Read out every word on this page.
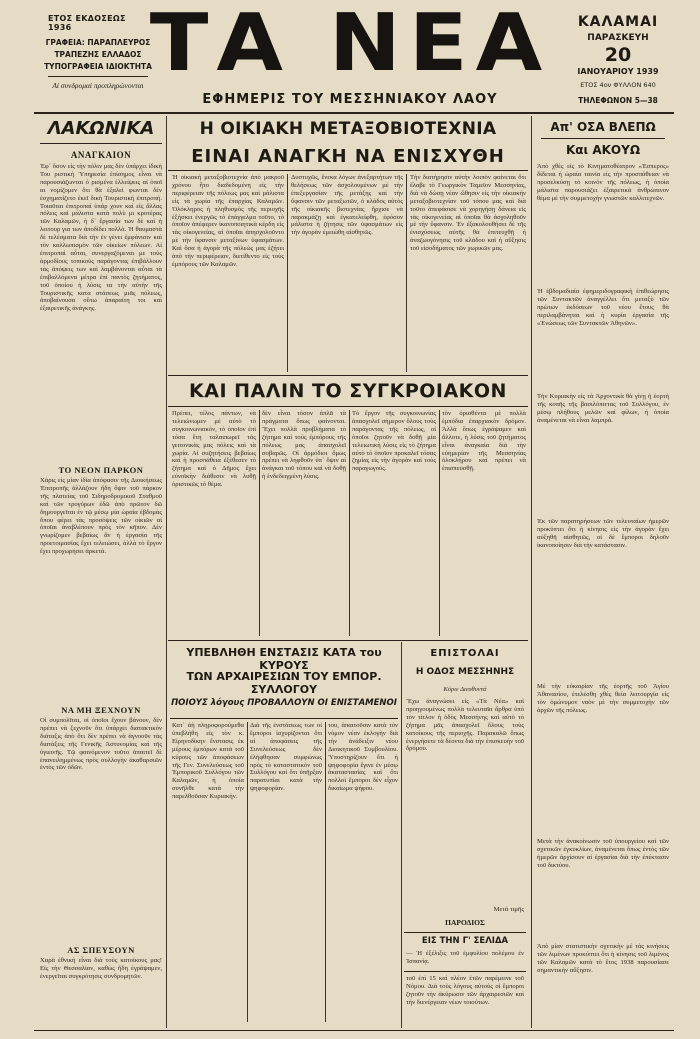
ΕΤΟΣ ΕΚΔΟΣΕΩΣ 1936
ΓΡΑΦΕΙΑ: ΠΑΡΑΠΛΕΥΡΟΣ
ΤΡΑΠΕΖΗΣ ΕΛΛΑΔΟΣ
ΤΥΠΟΓΡΑΦΕΙΑ ΙΔΙΟΚΤΗΤΑ
Αἱ συνδρομαὶ προπληρώνονται ΤΑ ΝΕΑ
ΕΦΗΜΕΡΙΣ ΤΟΥ ΜΕΣΣΗΝΙΑΚΟΥ ΛΑΟΥ
ΚΑΛΑΜΑΙ
ΠΑΡΑΣΚΕΥΗ
20
ΙΑΝΟΥΑΡΙΟΥ 1939
ΕΤΟΣ 4ον ΦΥΛΛΟΝ 640
ΤΗΛΕΦΩΝΟΝ 5—38
ΛΑΚΩΝΙΚΑ
ΑΝΑΓΚΑΙΟΝ
Ἐφ᾿ ὅσον εἰς τὴν πόλιν μας δὲν ὑπάρχει ἰδικὴ Του ριστικὴ Ὑπηρεσία ἐπίσημος εἶναι νὰ παρουσιάζωνται ὁ ρισμένα ἐλλείψεις αἱ ὁποῖ αι νομίζομεν ὅτι θὰ ἐξαλεί φωνται δὲν ἐσχηματίζετο ἐκεῖ δικὴ Τουριστικὴ ἐπιτροπή. Τοιαῦται ἐπιτροπαὶ ὑπάρ χουν καὶ εἰς ἄλλας πόλεις καὶ μάλιστα κατὰ πολὺ μι κροτέρας τῶν Καλαμῶν, ἡ δ᾿ ἔργασία των δὲ καὶ ἡ λειτουρ για των ἀποδίδει πολλὰ. Ἡ θαυμαστὰ δὲ τελέσματα διὰ τὴν ἐν γένει ἐμφάνισιν καὶ τὸν καλλωπισμὸν τῶν οἰκείων πόλεων. Αἱ ἐπιτροπαὶ αὗται, συνεργαζόμεναι με τοὺς ἁρμοδίους τοπικοὺς παράγοντας ἐπιβάλλουν τὰς ἀπόψεις των καὶ λαμβάνονται αὗται τὰ ἐπιβαλλόμενα μέτρα ἐπὶ παντὸς ζητήματος, τοῦ ὁποίου ἡ λύσις τα τὴν αὐτὴν τῆς Τουριστικῆς κατα στάσεως μιᾶς πόλεως, ἀποβαίνουσα οὕτω ἀπαραίτη τοι καὶ ἐξαιρετικῆς ἀνάγκης.
ΤΟ ΝΕΟΝ ΠΑΡΚΟΝ
Χάρις εἰς μίαν ἰδία ἀπόφασιν τῆς Διοικήσεως Ἐπιτροπῆς ἀλλάζουν ἤδη ὄψιν τοῦ πάρκον τῆς πλατείας τοῦ Σιδηροδρομικοῦ Σταθμοῦ καὶ τῶν τρογύρων ἐδῶ ἀπὸ πρῶτον δῶ δημουργεῖται ἐν τῷ μέσῳ μία ὡραία ἑβδομάς ὅπου φέρει τὰς προσόψεις τῶν οἰκιῶν αἱ ὁποῖαι ἀναβλέπουν πρὸς τὸν κῆπον. Δὲν γνωρίζομεν βεβαίως ἂν ἡ ἐργασία τῆς προετοιμασίας ἔχει τελειώσει, ἀλλὰ τὸ ἔργον ἔχει προχωρήσει ἀρκετὰ.
ΝΑ ΜΗ ΞΕΧΝΟΥΝ
Οἱ συμπολῖται, οἱ ὁποῖοι ἔχουν βάνουν, δὲν πρέπει νὰ ξεχνοῦν ὅτι ὑπάρχει διατακτικὸν διάταξις ἀπὸ ὅτι δὲν πρέπει νὰ ἀγνοοῦν τὰς διατάξεις τῆς Γενικῆς Ἀστυνομίας καὶ τῆς ὑγιεινῆς. Τῷ φαινόμενον τοῦτο ἀπαιτεῖ δὲ ἐπανειλημμένως πρὸς συλλογὴν ἀκαθαρσιῶν ἐντὸς τῶν ὁδῶν.
ΑΣ ΣΠΕΥΣΟΥΝ
Χαρὰ ἐθνικὴ εἶναι διὰ τοὺς κατοίκους μας! Εἰς τὴν Θεσσαλίαν, καθὼς ἤδη ἐγράψαμεν, ἐνεργεῖται συγκρότησις συνδρομητῶν.
Η ΟΙΚΙΑΚΗ ΜΕΤΑΞΟΒΙΟΤΕΧΝΙΑ
ΕΙΝΑΙ ΑΝΑΓΚΗ ΝΑ ΕΝΙΣΧΥΘΗ
Ἡ οἰκιακὴ μεταξοβιοτεχνία ἀπὸ μακροῦ χρόνου ἦτο διαδεδομένη εἰς τὴν περιφέρειαν τῆς πόλεως μας καὶ μάλιστα εἰς τὰ χωρία τῆς ἐπαρχίας Καλαμῶν. Ὁλόκληρος ἡ πληθυσμὸς τῆς περιοχῆς ἐξήσκει ἐνεργῶς τὸ ἐπάγγελμα τοῦτο, τὸ ὁποῖον ἀπέφερεν ἱκανοποιητικὰ κέρδη εἰς τὰς οἰκογενείας, αἱ ὁποῖαι ἀπησχολοῦντο μὲ τὴν ὕφανσιν μεταξίνων ὑφασμάτων. Καὶ ὅσα ἡ ἀγορὰ τῆς πόλεώς μας ἐζήτει ἀπὸ τὴν περιφέρειαν, διετίθεντο εἰς τοὺς ἐμπόρους τῶν Καλαμῶν.
Δυστυχῶς, ἕνεκα λόγων ἀνεξαρτήτων τῆς θελήσεως τῶν ἀσχολουμένων μὲ τὴν ἐπεξεργασίαν τῆς μετάξης καὶ τὴν ὕφανσιν τῶν μεταξωτῶν, ὁ κλάδος αὐτὸς τῆς οἰκιακῆς βιοτεχνίας ἤρχισε νὰ παρακμάζῃ καὶ ἐγκατελείφθη, ἐφόσον μάλιστα ἡ ζήτησις τῶν ὑφασμάτων εἰς τὴν ἀγορὰν ἐμειώθη αἰσθητῶς.
Τὴν διατήρησιν αὐτὴν λοιπὸν φαίνεται ὅτι ἔλαβε τὸ Γεωργικὸν Ταμεῖον Μεσσηνίας, διὰ νὰ δώσῃ νέαν ὤθησιν εἰς τὴν οἰκιακὴν μεταξοβιοτεχνίαν τοῦ τόπου μας καὶ διὰ τοῦτο ἀπεφάσισε νὰ χορηγήσῃ δάνεια εἰς τὰς οἰκογενείας αἱ ὁποῖαι θὰ ἀσχοληθοῦν μὲ τὴν ὕφανσιν. Ἐν ἐξακολουθήσει δὲ τῆς ἐνισχύσεως αὐτῆς θὰ ἐπιτευχθῇ ἡ ἀναζωογόνησις τοῦ κλάδου καὶ ἡ αὔξησις τοῦ εἰσοδήματος τῶν χωρικῶν μας.
Απ' ΟΣΑ ΒΛΕΠΩ
Και ΑΚΟΥΩ
Ἀπὸ χθὲς εἰς τὸ Κινηματοθέατρον «Ἑσπερος» δίδεται ἡ ὡραία ταινία εἰς τὴν προσπάθειαν νὰ προσελκύσῃ τὸ κοινόν τῆς πόλεως, ἡ ὁποία μάλιστα παρουσιάζει ἐξαιρετικὰ ἀνθρώπινον θέμα μὲ τὴν συμμετοχὴν γνωστῶν καλλιτεχνῶν.
Ἡ ἑβδομαδιαία ἐφημεριδογραφικὴ ἐπιθεώρησις τῶν Συντακτῶν ἀναγγέλλει ὅτι μεταξὺ τῶν πρώτων ἐκδόσεων τοῦ νέου ἔτους θὰ περιλαμβάνηται καὶ ἡ κυρία ἐργασία τῆς «Ἑνώσεως τῶν Συντακτῶν Ἀθηνῶν».
Τὴν Κυριακὴν εἰς τὰ Ἀρχοντικὰ θὰ γίνῃ ἡ ἑορτὴ τῆς κοπῆς τῆς βασιλόπιττας τοῦ Συλλόγου, ἐν μέσῳ πλήθους μελῶν καὶ φίλων, ἡ ὁποία ἀναμένεται νὰ εἶναι λαμπρά.
Ἐκ τῶν παρατηρήσεων τῶν τελευταίων ἡμερῶν προκύπτει ὅτι ἡ κίνησις εἰς τὴν ἀγορὰν ἔχει αὐξηθῆ αἰσθητῶς, οἱ δὲ ἔμποροι δηλοῦν ἱκανοποίησιν διὰ τὴν κατάστασιν.
Μὲ τὴν εὐκαιρίαν τῆς ἑορτῆς τοῦ Ἁγίου Ἀθανασίου, ἐτελέσθη χθὲς θεία λειτουργία εἰς τὸν ὁμώνυμον ναὸν μὲ τὴν συμμετοχὴν τῶν ἀρχῶν τῆς πόλεως.
Μετὰ τὴν ἀνακοίνωσιν τοῦ ὑπουργείου καὶ τῶν σχετικῶν ἐγκυκλίων, ἀναμένεται ὅπως ἐντὸς τῶν ἡμερῶν ἀρχίσουν αἱ ἐργασίαι διὰ τὴν ἐπέκτασιν τοῦ δικτύου.
Ἀπὸ μίαν στατιστικὴν σχετικὴν μὲ τὰς κινήσεις τῶν λιμένων προκύπτει ὅτι ἡ κίνησις τοῦ λιμένος τῶν Καλαμῶν κατὰ τὸ ἔτος 1938 παρουσίασε σημαντικὴν αὔξησιν.
ΚΑΙ ΠΑΛΙΝ ΤΟ ΣΥΓΚΡΟΙΑΚΟΝ
Πρέπει, τέλος πάντων, νὰ τελειώνωμεν μὲ αὐτὸ τὸ συγκοινωνιακὸν, τὸ ὁποῖον ἐπὶ τόσα ἔτη ταλαιπωρεῖ τὰς γειτονικὰς μας πόλεις καὶ τὰ χωρία. Αἱ συζητήσεις βεβαίως καὶ ἡ προσπάθεια ἐξέθεσεν τὸ ζήτημα καὶ ὁ Δῆμος ἔχει εὐνοϊκὴν διάθεσιν νὰ λυθῇ ὁριστικῶς τὸ θέμα.
δὲν εἶναι τόσον ἀπλᾶ τὰ πράγματα ὅπως φαίνονται. Ἔχει πολλὰ προβλήματα τὸ ζήτημα καὶ τοὺς ἐμπόρους τῆς πόλεως μας ἀπασχολεῖ σοβαρῶς. Οἱ ἁρμόδιοι ὅμως πρέπει νὰ ληφθοῦν ὑπ᾿ ὄψιν αἱ ἀνάγκαι τοῦ τόπου καὶ νὰ δοθῇ ἡ ἐνδεδειγμένη λύσις.
Τὸ ἔργον τῆς συγκοινωνίας ἀπασχολεῖ σήμερον ὅλους τοὺς παράγοντας τῆς πόλεως, οἱ ὁποῖοι ζητοῦν νὰ δοθῇ μία τελειωτικὴ λύσις εἰς τὸ ζήτημα αὐτὸ τὸ ὁποῖον προκαλεῖ τόσας ζημίας εἰς τὴν ἀγορὰν καὶ τοὺς παραγωγούς.
τὸν ὀρισθέντα μὲ πολλὰ ἐμπόδια ἐπαρχιακὸν δρόμον. Ἀλλὰ ὅπως ἐγράψαμεν καὶ ἄλλοτε, ἡ λύσις τοῦ ζητήματος εἶναι ἀναγκαία διὰ τὴν εὐημερίαν τῆς Μεσσηνίας ὁλοκλήρου καὶ πρέπει νὰ ἐπισπευσθῇ.
ΥΠΕΒΛΗΘΗ ΕΝΣΤΑΣΙΣ ΚΑΤΑ του ΚΥΡΟΥΣ
ΤΩΝ ΑΡΧΑΙΡΕΣΙΩΝ ΤΟΥ ΕΜΠΟΡ. ΣΥΛΛΟΓΟΥ
ΠΟΙΟΥΣ λόγους ΠΡΟΒΑΛΛΟΥΝ ΟΙ ΕΝΙΣΤΑΜΕΝΟΙ
Κατ᾿ ἀὴ πληροφορούμεθα ὑπεβλήθη εἰς τὸν κ. Εἰρηνοδίκην ἔνστασις ἐκ μέρους ἐμπόρων κατὰ τοῦ κύρους τῶν ἀποφάσεων τῆς Γεν. Συνελεύσεως τοῦ Ἐμπορικοῦ Συλλόγου τῶν Καλαμῶν, ἡ ὁποία συνῆλθε κατὰ τὴν παρελθοῦσαν Κυριακήν.
Διὰ τῆς ἐνστάσεως των οἱ ἔμποροι ἰσχυρίζονται ὅτι αἱ ἀποφάσεις τῆς Συνελεύσεως δὲν ἐλήφθησαν συμφώνως πρὸς τὸ καταστατικὸν τοῦ Συλλόγου καὶ ὅτι ὑπῆρξαν παρατυπίαι κατὰ τὴν ψηφοφορίαν.
του, ἀπαιτοῦσιν κατὰ τὸν νόμον νέαν ἐκλογὴν διὰ τὴν ἀνάδειξιν νέου Διοικητικοῦ Συμβουλίου. Ὑποστηρίζουν ὅτι ἡ ψηφοφορία ἔγινε ἐν μέσῳ ἀκαταστασίας καὶ ὅτι πολλοὶ ἔμποροι δὲν εἶχον δικαίωμα ψήφου.
ΕΠΙΣΤΟΛΑΙ
Η ΟΔΟΣ ΜΕΣΣΗΝΗΣ
Κύριε Διευθυντά
Ἔχω ἀναγνώσει εἰς «Τὰ Νέα» καὶ προηγουμένως πολλὰ τελευταῖα ἄρθρα ὑπὸ τὸν τίτλον ἡ ὁδὸς Μεσσήνης καὶ αὐτὸ τὸ ζήτημα μᾶς ἀπασχολεῖ ὅλους τοὺς κατοίκους τῆς περιοχῆς. Παρακαλῶ ὅπως ἐνεργήσετε τὰ δέοντα διὰ τὴν ἐπισκευὴν τοῦ δρόμου.
Μετὰ τιμῆς
ΠΑΡΟΔΙΟΣ
ΕΙΣ ΤΗΝ Γ' ΣΕΛΙΔΑ
— Ἡ ἐξέλιξις τοῦ ἐμφυλίου πολέμου ἐν Ἰσπανίᾳ.
τοῦ ἐπὶ 15 καὶ πλέον ἐτῶν παρέμεινε τοῦ Νόμου. Διὰ τοὺς λόγους αὐτοὺς οἱ ἔμποροι ζητοῦν τὴν ἀκύρωσιν τῶν ἀρχαιρεσιῶν καὶ τὴν διενέργειαν νέων τοιούτων.
